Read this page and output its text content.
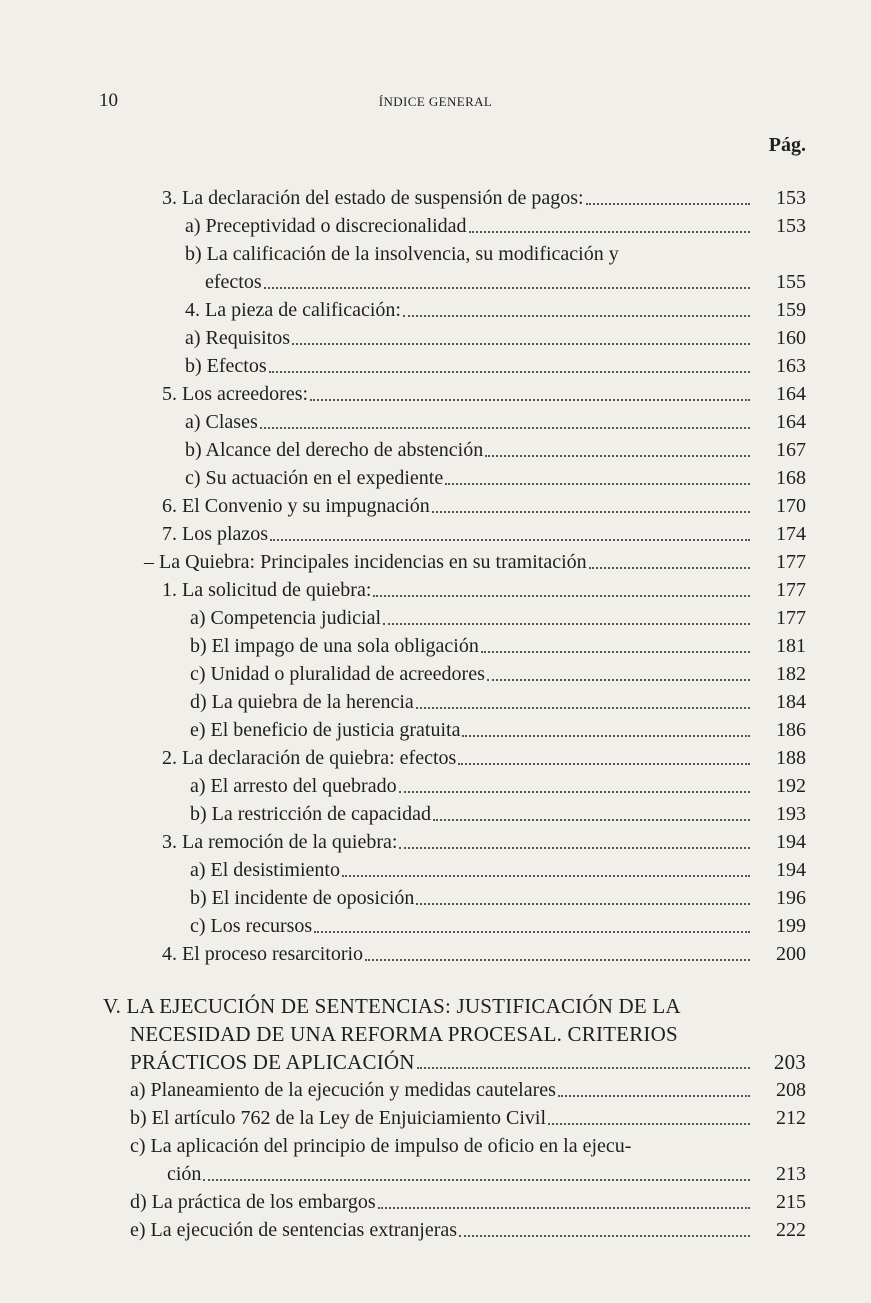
10	ÍNDICE GENERAL
Pág.
3. La declaración del estado de suspensión de pagos:	153
a) Preceptividad o discrecionalidad	153
b) La calificación de la insolvencia, su modificación y
efectos	155
4. La pieza de calificación:	159
a) Requisitos	160
b) Efectos	163
5. Los acreedores:	164
a) Clases	164
b) Alcance del derecho de abstención	167
c) Su actuación en el expediente	168
6. El Convenio y su impugnación	170
7. Los plazos	174
– La Quiebra: Principales incidencias en su tramitación	177
1. La solicitud de quiebra:	177
a) Competencia judicial	177
b) El impago de una sola obligación	181
c) Unidad o pluralidad de acreedores	182
d) La quiebra de la herencia	184
e) El beneficio de justicia gratuita	186
2. La declaración de quiebra: efectos	188
a) El arresto del quebrado	192
b) La restricción de capacidad	193
3. La remoción de la quiebra:	194
a) El desistimiento	194
b) El incidente de oposición	196
c) Los recursos	199
4. El proceso resarcitorio	200
V. LA EJECUCIÓN DE SENTENCIAS: JUSTIFICACIÓN DE LA
NECESIDAD DE UNA REFORMA PROCESAL. CRITERIOS
PRÁCTICOS DE APLICACIÓN	203
a) Planeamiento de la ejecución y medidas cautelares	208
b) El artículo 762 de la Ley de Enjuiciamiento Civil	212
c) La aplicación del principio de impulso de oficio en la ejecu-
ción	213
d) La práctica de los embargos	215
e) La ejecución de sentencias extranjeras	222
